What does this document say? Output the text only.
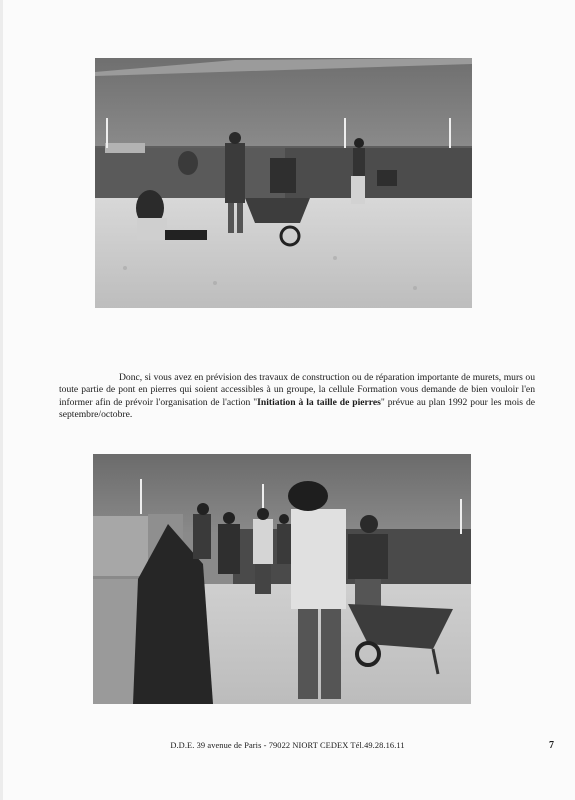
Donc, si vous avez en prévision des travaux de construction ou de réparation importante de murets, murs ou toute partie de pont en pierres qui soient accessibles à un groupe, la cellule Formation vous demande de bien vouloir l'en informer afin de prévoir l'organisation de l'action "Initiation à la taille de pierres" prévue au plan 1992 pour les mois de septembre/octobre.
D.D.E. 39 avenue de Paris - 79022 NIORT CEDEX Tél.49.28.16.11	7
